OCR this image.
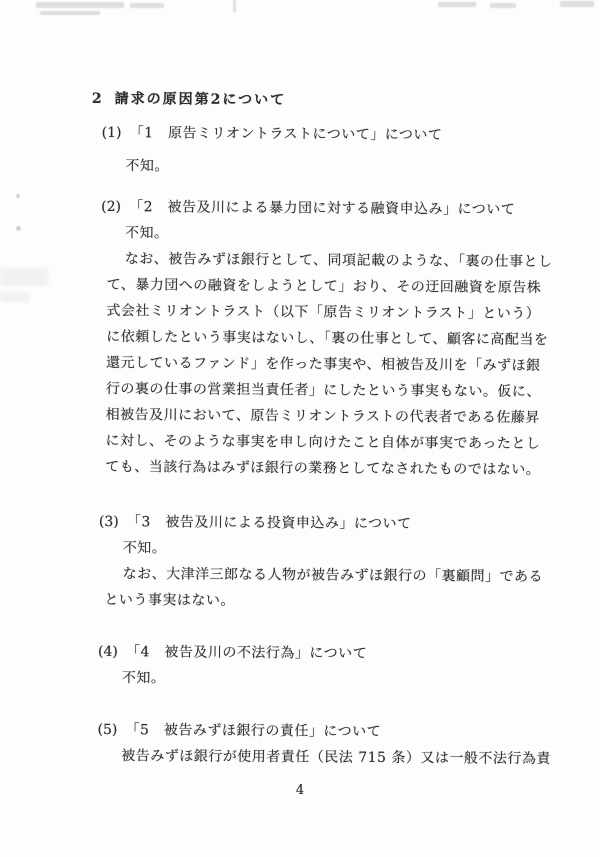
2 請求の原因第2について
(1) 「1　原告ミリオントラストについて」について
不知。
(2) 「2　被告及川による暴力団に対する融資申込み」について
不知。
なお、被告みずほ銀行として、同項記載のような、「裏の仕事とし
て、暴力団への融資をしようとして」おり、その迂回融資を原告株
式会社ミリオントラスト（以下「原告ミリオントラスト」という）
に依頼したという事実はないし、「裏の仕事として、顧客に高配当を
還元しているファンド」を作った事実や、相被告及川を「みずほ銀
行の裏の仕事の営業担当責任者」にしたという事実もない。仮に、
相被告及川において、原告ミリオントラストの代表者である佐藤昇
に対し、そのような事実を申し向けたこと自体が事実であったとし
ても、当該行為はみずほ銀行の業務としてなされたものではない。
(3) 「3　被告及川による投資申込み」について
不知。
なお、大津洋三郎なる人物が被告みずほ銀行の「裏顧問」である
という事実はない。
(4) 「4　被告及川の不法行為」について
不知。
(5) 「5　被告みずほ銀行の責任」について
被告みずほ銀行が使用者責任（民法 715 条）又は一般不法行為責
4
